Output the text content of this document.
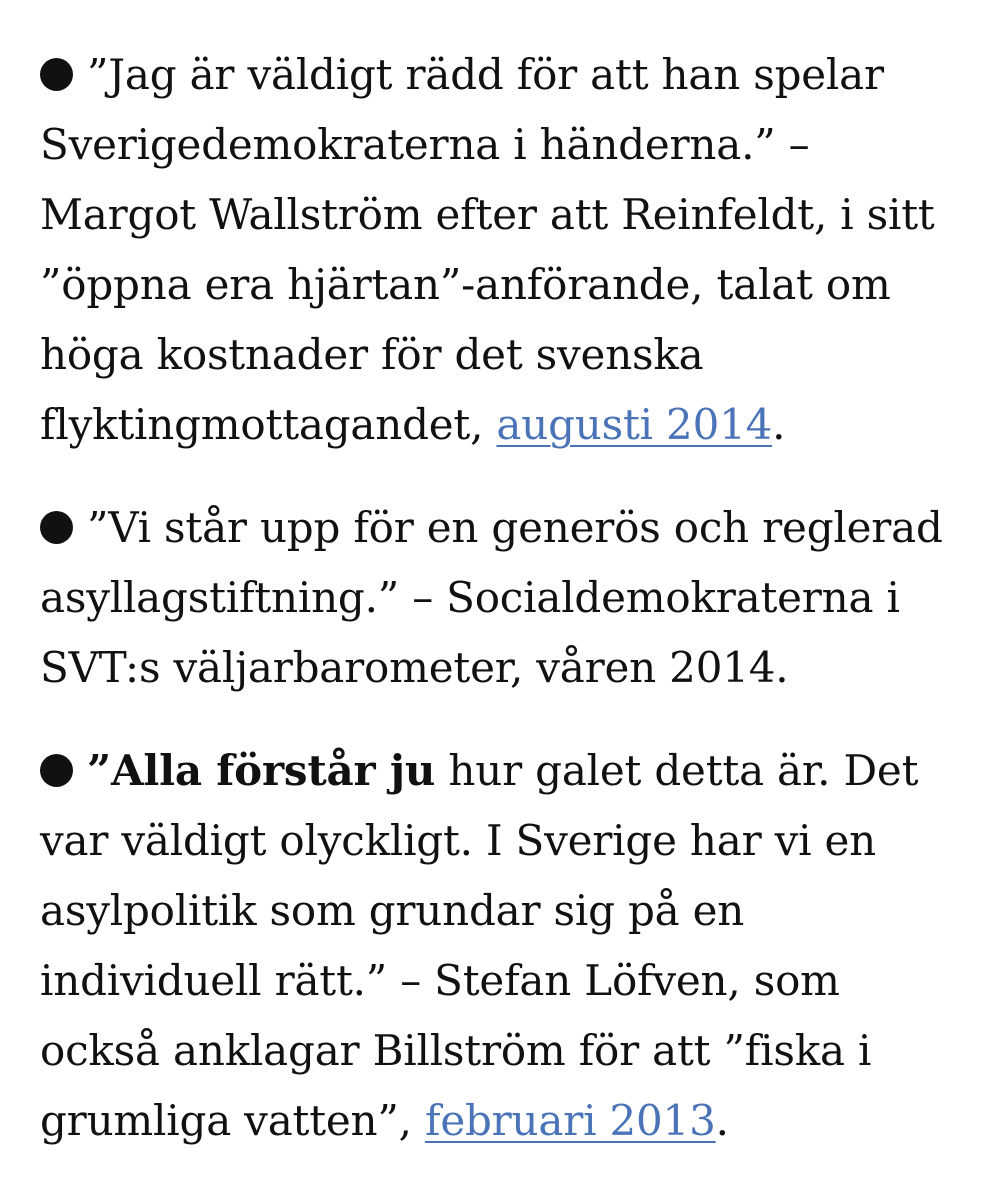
”Jag är väldigt rädd för att han spelar Sverigedemokraterna i händerna.” – Margot Wallström efter att Reinfeldt, i sitt ”öppna era hjärtan”-anförande, talat om höga kostnader för det svenska flyktingmottagandet, augusti 2014.

”Vi står upp för en generös och reglerad asyllagstiftning.” – Socialdemokraterna i SVT:s väljarbarometer, våren 2014.

”Alla förstår ju hur galet detta är. Det var väldigt olyckligt. I Sverige har vi en asylpolitik som grundar sig på en individuell rätt.” – Stefan Löfven, som också anklagar Billström för att ”fiska i grumliga vatten”, februari 2013.
